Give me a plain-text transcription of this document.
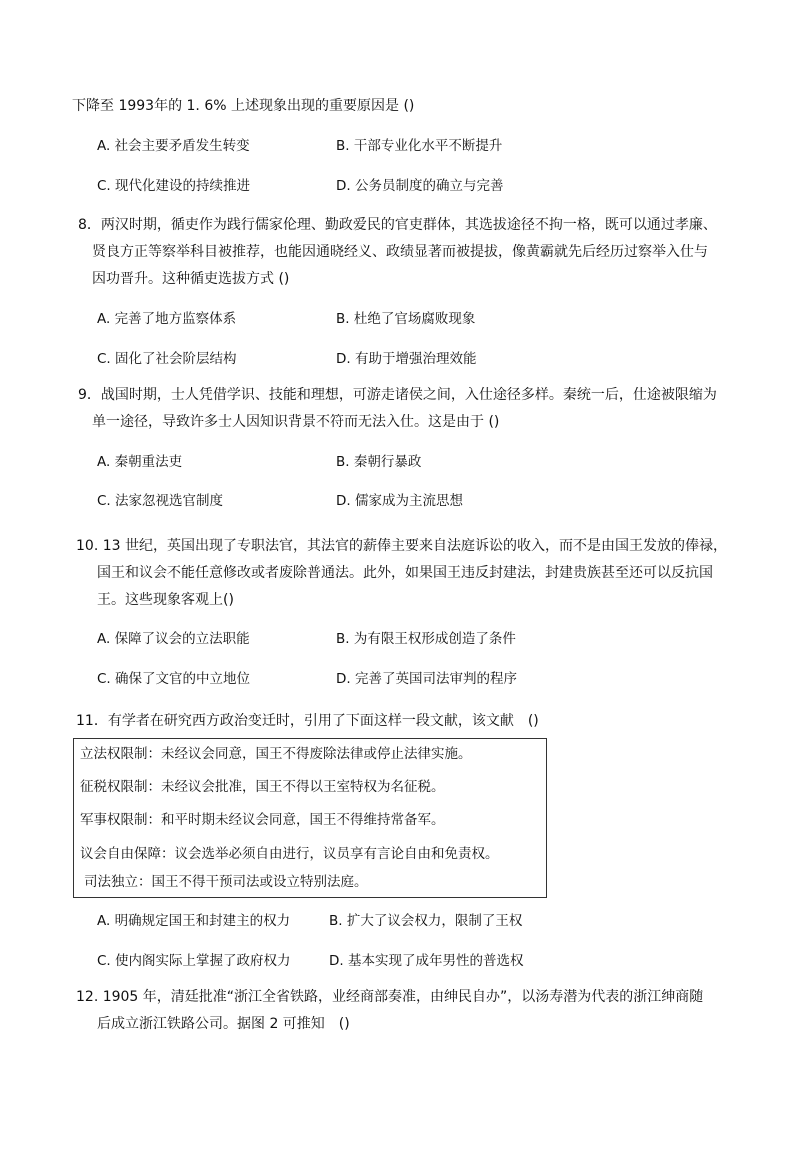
下降至 1993年的 1. 6% 上述现象出现的重要原因是 ()
A. 社会主要矛盾发生转变	B. 干部专业化水平不断提升
C. 现代化建设的持续推进	D. 公务员制度的确立与完善
8．两汉时期，循吏作为践行儒家伦理、勤政爱民的官吏群体，其选拔途径不拘一格，既可以通过孝廉、
贤良方正等察举科目被推荐，也能因通晓经义、政绩显著而被提拔，像黄霸就先后经历过察举入仕与
因功晋升。这种循吏选拔方式 ()
A. 完善了地方监察体系	B. 杜绝了官场腐败现象
C. 固化了社会阶层结构	D. 有助于增强治理效能
9．战国时期，士人凭借学识、技能和理想，可游走诸侯之间，入仕途径多样。秦统一后，仕途被限缩为
单一途径，导致许多士人因知识背景不符而无法入仕。这是由于 ()
A. 秦朝重法吏	B. 秦朝行暴政
C. 法家忽视选官制度	D. 儒家成为主流思想
10. 13 世纪，英国出现了专职法官，其法官的薪俸主要来自法庭诉讼的收入，而不是由国王发放的俸禄，
国王和议会不能任意修改或者废除普通法。此外，如果国王违反封建法，封建贵族甚至还可以反抗国
王。这些现象客观上()
A. 保障了议会的立法职能	B. 为有限王权形成创造了条件
C. 确保了文官的中立地位	D. 完善了英国司法审判的程序
11．有学者在研究西方政治变迁时，引用了下面这样一段文献，该文献　()
立法权限制：未经议会同意，国王不得废除法律或停止法律实施。
征税权限制：未经议会批准，国王不得以王室特权为名征税。
军事权限制：和平时期未经议会同意，国王不得维持常备军。
议会自由保障：议会选举必须自由进行，议员享有言论自由和免责权。
司法独立：国王不得干预司法或设立特别法庭。
A. 明确规定国王和封建主的权力	B. 扩大了议会权力，限制了王权
C. 使内阁实际上掌握了政府权力	D. 基本实现了成年男性的普选权
12. 1905 年，清廷批准“浙江全省铁路，业经商部奏准，由绅民自办”，以汤寿潜为代表的浙江绅商随
后成立浙江铁路公司。据图 2 可推知　()
